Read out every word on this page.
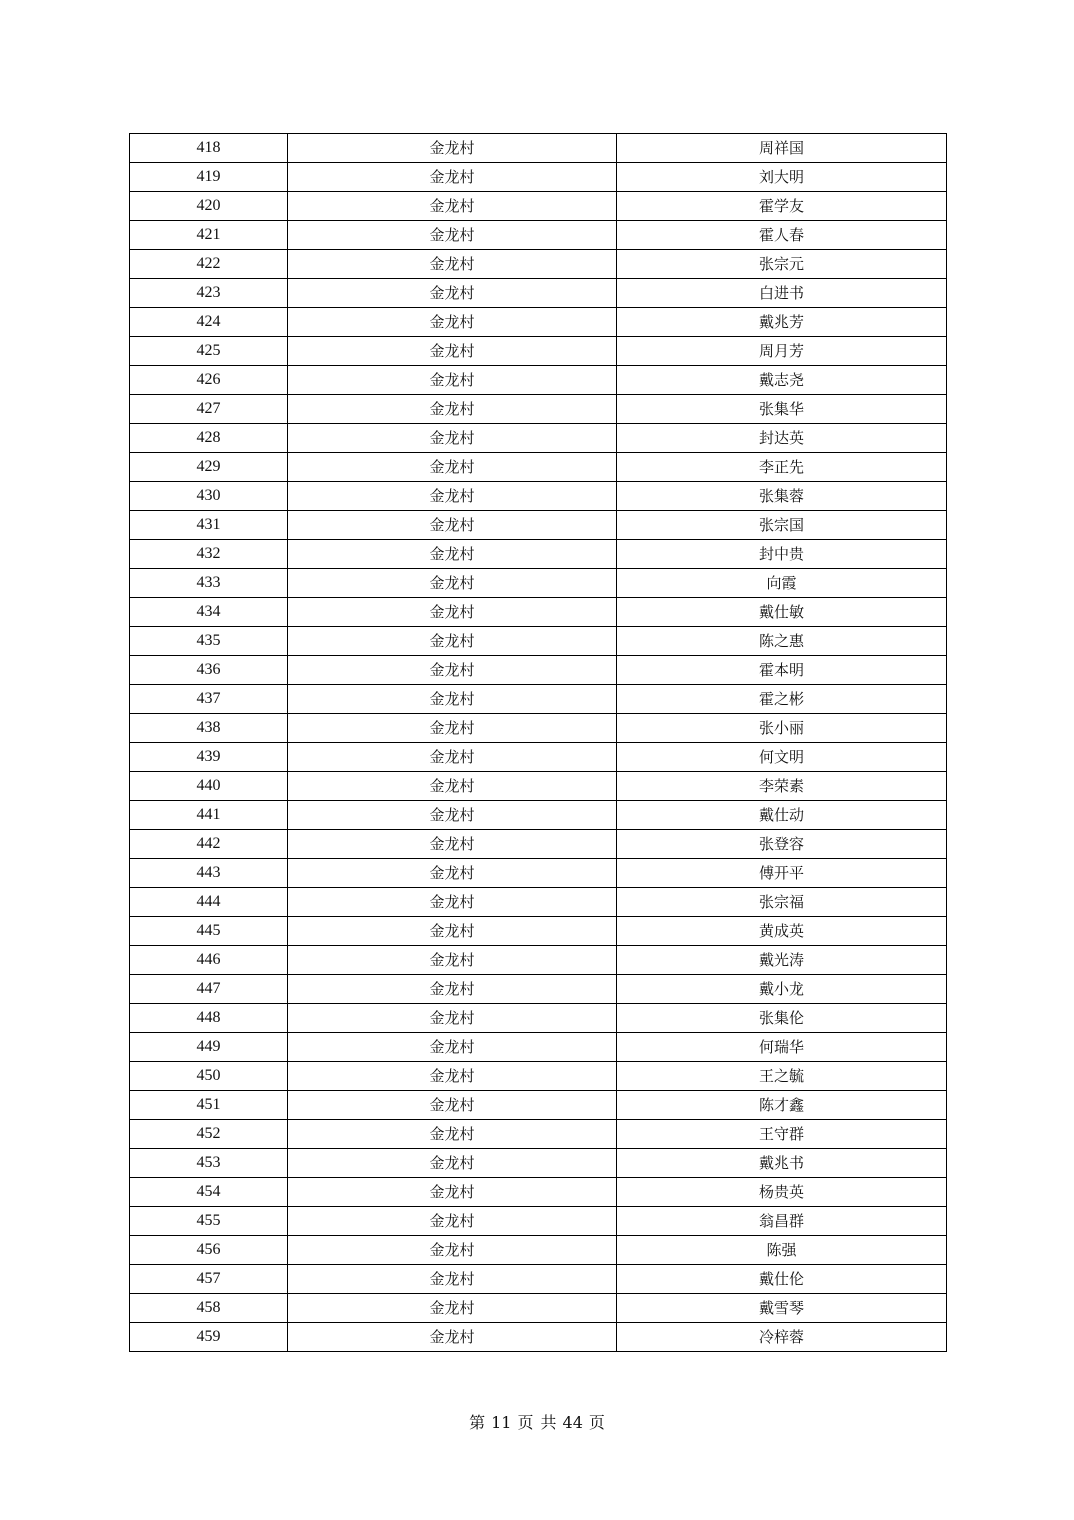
418	金龙村	周祥国
419	金龙村	刘大明
420	金龙村	霍学友
421	金龙村	霍人春
422	金龙村	张宗元
423	金龙村	白进书
424	金龙村	戴兆芳
425	金龙村	周月芳
426	金龙村	戴志尧
427	金龙村	张集华
428	金龙村	封达英
429	金龙村	李正先
430	金龙村	张集蓉
431	金龙村	张宗国
432	金龙村	封中贵
433	金龙村	向霞
434	金龙村	戴仕敏
435	金龙村	陈之惠
436	金龙村	霍本明
437	金龙村	霍之彬
438	金龙村	张小丽
439	金龙村	何文明
440	金龙村	李荣素
441	金龙村	戴仕动
442	金龙村	张登容
443	金龙村	傅开平
444	金龙村	张宗福
445	金龙村	黄成英
446	金龙村	戴光涛
447	金龙村	戴小龙
448	金龙村	张集伦
449	金龙村	何瑞华
450	金龙村	王之毓
451	金龙村	陈才鑫
452	金龙村	王守群
453	金龙村	戴兆书
454	金龙村	杨贵英
455	金龙村	翁昌群
456	金龙村	陈强
457	金龙村	戴仕伦
458	金龙村	戴雪琴
459	金龙村	冷梓蓉
第 11 页 共 44 页
